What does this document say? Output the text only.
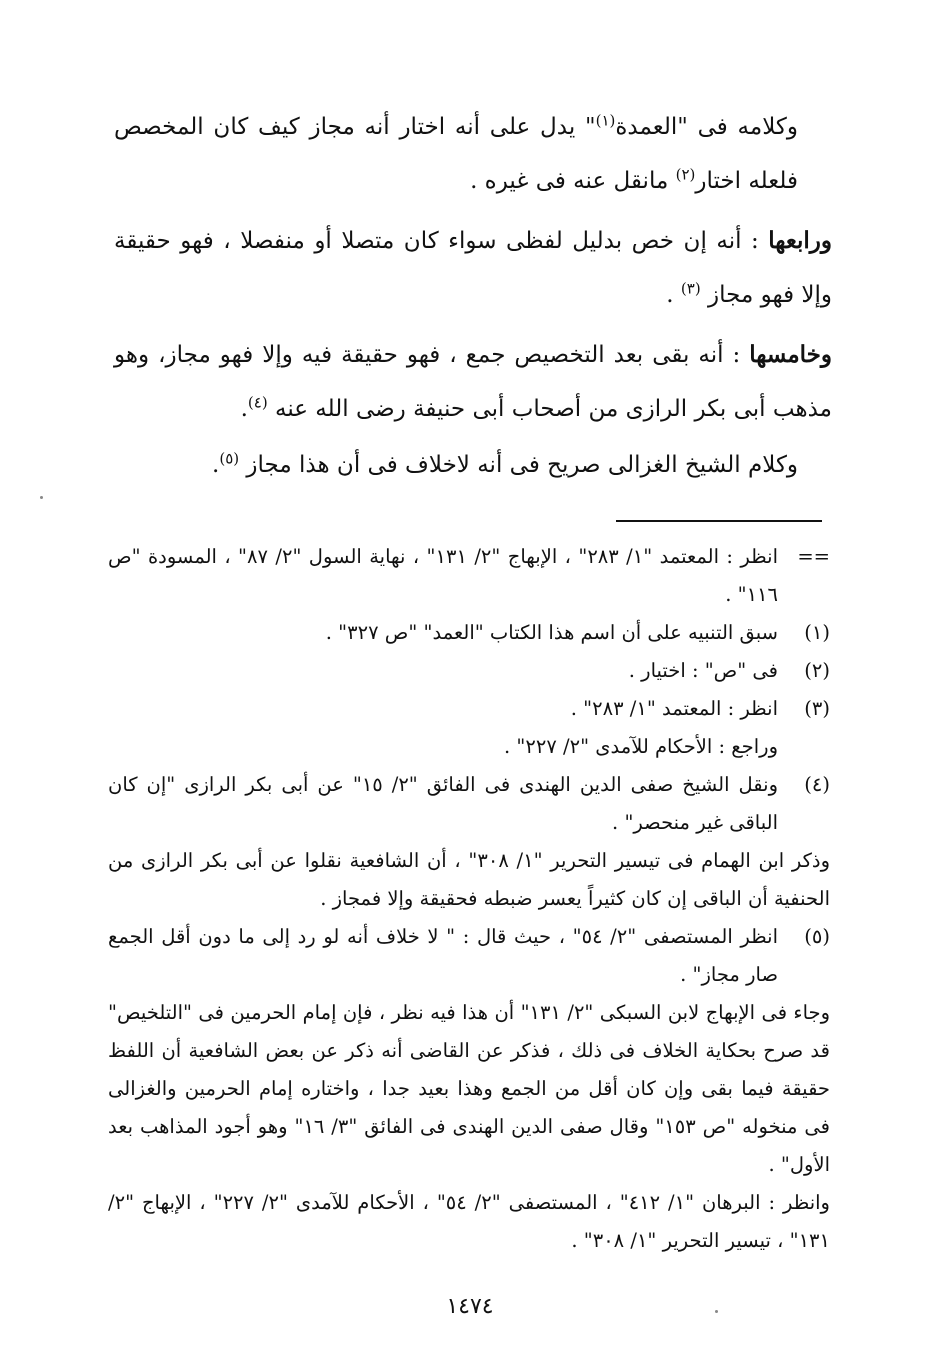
وكلامه فى "العمدة$^{(١)}$" يدل على أنه اختار أنه مجاز كيف كان المخصص فلعله اختار$^{(٢)}$ مانقل عنه فى غيره .

ورابعها : أنه إن خص بدليل لفظى سواء كان متصلا أو منفصلا ، فهو حقيقة وإلا فهو مجاز $^{(٣)}$ .

وخامسها : أنه بقى بعد التخصيص جمع ، فهو حقيقة فيه وإلا فهو مجاز، وهو مذهب أبى بكر الرازى من أصحاب أبى حنيفة رضى الله عنه $^{(٤)}$.

وكلام الشيخ الغزالى صريح فى أنه لاخلاف فى أن هذا مجاز $^{(٥)}$.

==
انظر : المعتمد "١/ ٢٨٣" ، الإبهاج "٢/ ١٣١" ، نهاية السول "٢/ ٨٧" ، المسودة "ص ١١٦" .
(١)
سبق التنبيه على أن اسم هذا الكتاب "العمد" "ص ٣٢٧" .
(٢)
فى "ص" : اختيار .
(٣)
انظر : المعتمد "١/ ٢٨٣" .

وراجع : الأحكام للآمدى "٢/ ٢٢٧" .

(٤)
ونقل الشيخ صفى الدين الهندى فى الفائق "٢/ ١٥" عن أبى بكر الرازى "إن كان الباقى غير منحصر" .

وذكر ابن الهمام فى تيسير التحرير "١/ ٣٠٨" ، أن الشافعية نقلوا عن أبى بكر الرازى من الحنفية أن الباقى إن كان كثيراً يعسر ضبطه فحقيقة وإلا فمجاز .

(٥)
انظر المستصفى "٢/ ٥٤" ، حيث قال : " لا خلاف أنه لو رد إلى ما دون أقل الجمع صار مجاز" .

وجاء فى الإبهاج لابن السبكى "٢/ ١٣١" أن هذا فيه نظر ، فإن إمام الحرمين فى "التلخيص" قد صرح بحكاية الخلاف فى ذلك ، فذكر عن القاضى أنه ذكر عن بعض الشافعية أن اللفظ حقيقة فيما بقى وإن كان أقل من الجمع وهذا بعيد جدا ، واختاره إمام الحرمين والغزالى فى منخوله "ص ١٥٣" وقال صفى الدين الهندى فى الفائق "٣/ ١٦" وهو أجود المذاهب بعد الأول" .

وانظر : البرهان "١/ ٤١٢" ، المستصفى "٢/ ٥٤" ، الأحكام للآمدى "٢/ ٢٢٧" ، الإبهاج "٢/ ١٣١" ، تيسير التحرير "١/ ٣٠٨" .

١٤٧٤
